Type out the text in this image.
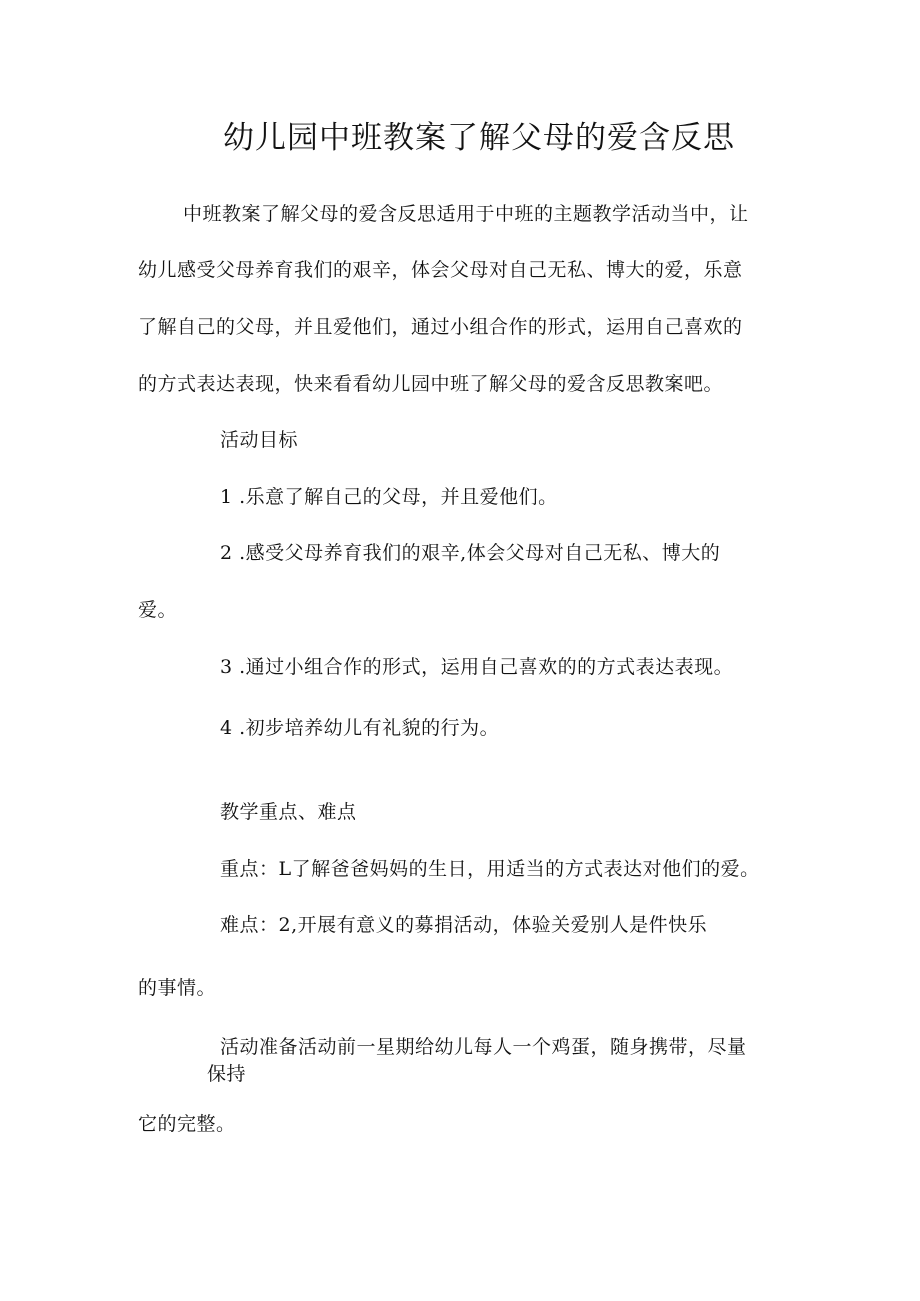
幼儿园中班教案了解父母的爱含反思
中班教案了解父母的爱含反思适用于中班的主题教学活动当中，让
幼儿感受父母养育我们的艰辛，体会父母对自己无私、博大的爱，乐意
了解自己的父母，并且爱他们，通过小组合作的形式，运用自己喜欢的
的方式表达表现，快来看看幼儿园中班了解父母的爱含反思教案吧。
活动目标
1 .乐意了解自己的父母，并且爱他们。
2 .感受父母养育我们的艰辛,体会父母对自己无私、博大的
爱。
3 .通过小组合作的形式，运用自己喜欢的的方式表达表现。
4 .初步培养幼儿有礼貌的行为。
教学重点、难点
重点：L了解爸爸妈妈的生日，用适当的方式表达对他们的爱。
难点：2,开展有意义的募捐活动，体验关爱别人是件快乐
的事情。
活动准备活动前一星期给幼儿每人一个鸡蛋，随身携带，尽量
保持
它的完整。
